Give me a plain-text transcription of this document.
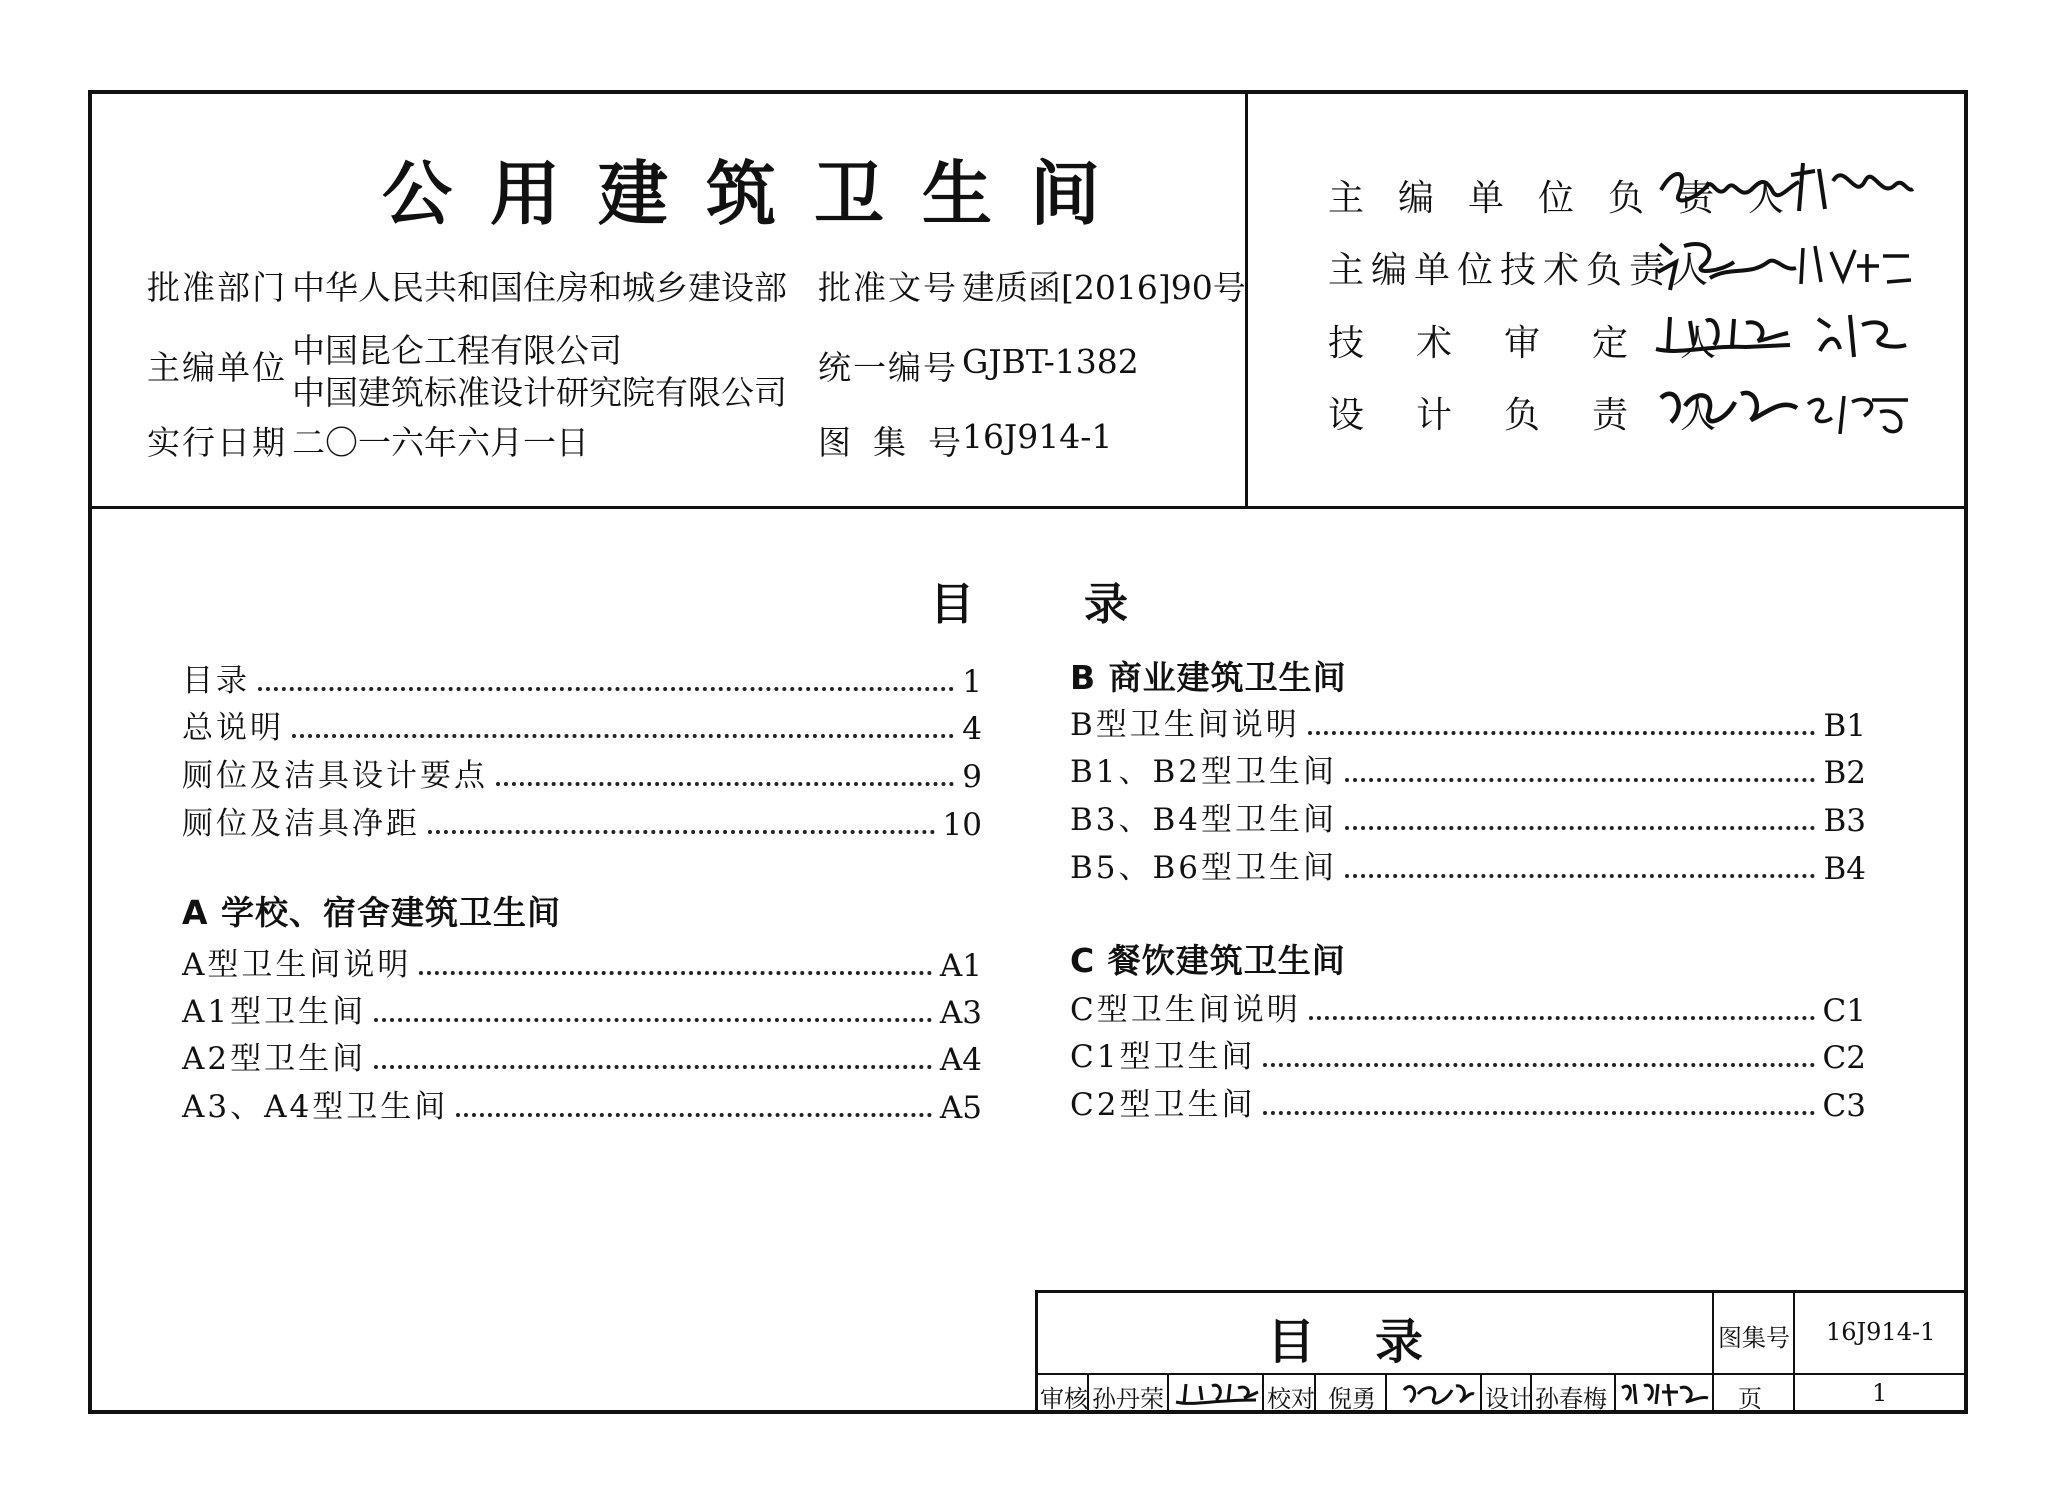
公用建筑卫生间
批准部门 中华人民共和国住房和城乡建设部
主编单位 中国昆仑工程有限公司
中国建筑标准设计研究院有限公司
实行日期 二〇一六年六月一日
批准文号 建质函[2016]90号
统一编号 GJBT-1382
图集号
16J914-1
主编单位负责人
主编单位技术负责人
技术审定人
设计负责人
目	录
目录	1
总说明	4
厕位及洁具设计要点	9
厕位及洁具净距	10
A 学校、宿舍建筑卫生间
A型卫生间说明	A1
A1型卫生间	A3
A2型卫生间	A4
A3、A4型卫生间	A5
B 商业建筑卫生间
B型卫生间说明	B1
B1、B2型卫生间	B2
B3、B4型卫生间	B3
B5、B6型卫生间	B4
C 餐饮建筑卫生间
C型卫生间说明	C1
C1型卫生间	C2
C2型卫生间	C3
目录	图集号 16J914-1
审核 孙丹荣	校对 倪勇	设计 孙春梅	页	1
